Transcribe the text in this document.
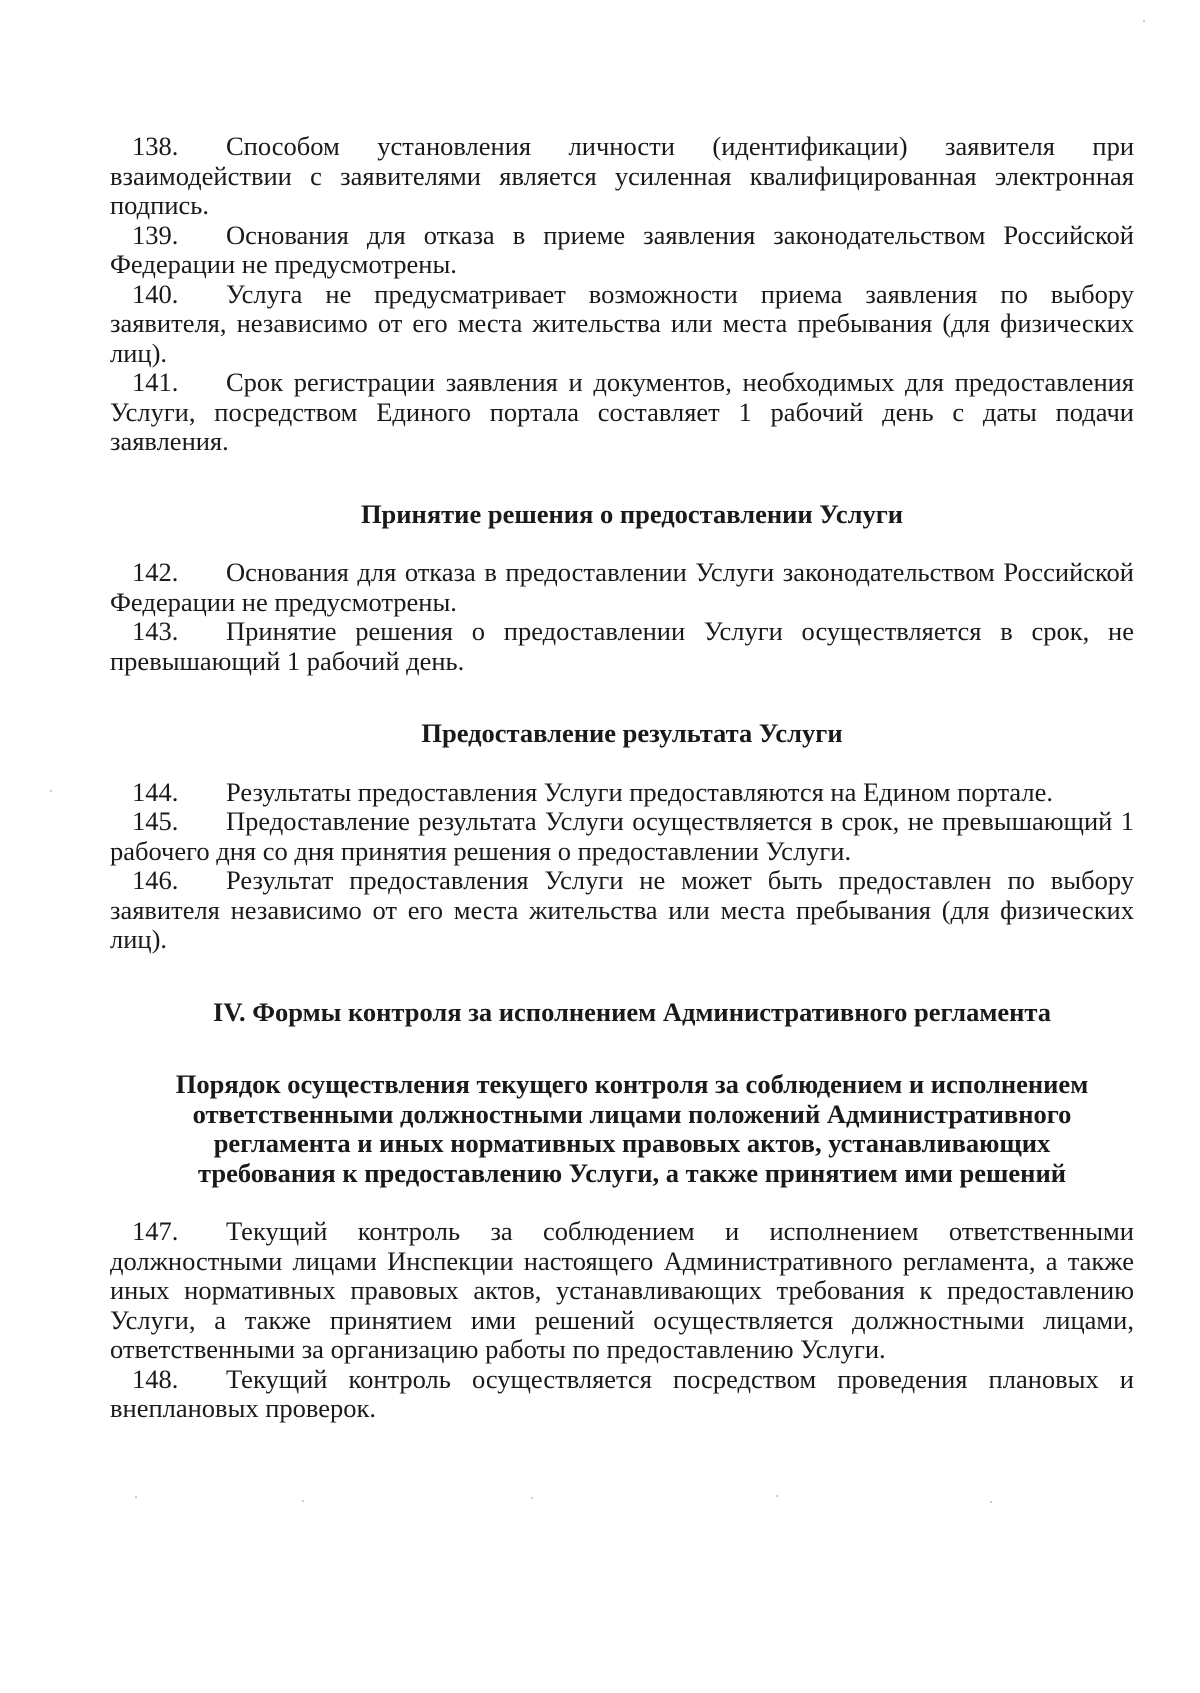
138. Способом установления личности (идентификации) заявителя при взаимодействии с заявителями является усиленная квалифицированная электронная подпись.

139. Основания для отказа в приеме заявления законодательством Российской Федерации не предусмотрены.

140. Услуга не предусматривает возможности приема заявления по выбору заявителя, независимо от его места жительства или места пребывания (для физических лиц).

141. Срок регистрации заявления и документов, необходимых для предоставления Услуги, посредством Единого портала составляет 1 рабочий день с даты подачи заявления.

Принятие решения о предоставлении Услуги

142. Основания для отказа в предоставлении Услуги законодательством Российской Федерации не предусмотрены.

143. Принятие решения о предоставлении Услуги осуществляется в срок, не превышающий 1 рабочий день.

Предоставление результата Услуги

144. Результаты предоставления Услуги предоставляются на Едином портале.

145. Предоставление результата Услуги осуществляется в срок, не превышающий 1 рабочего дня со дня принятия решения о предоставлении Услуги.

146. Результат предоставления Услуги не может быть предоставлен по выбору заявителя независимо от его места жительства или места пребывания (для физических лиц).

IV. Формы контроля за исполнением Административного регламента

Порядок осуществления текущего контроля за соблюдением и исполнением

ответственными должностными лицами положений Административного

регламента и иных нормативных правовых актов, устанавливающих

требования к предоставлению Услуги, а также принятием ими решений

147. Текущий контроль за соблюдением и исполнением ответственными должностными лицами Инспекции настоящего Административного регламента, а также иных нормативных правовых актов, устанавливающих требования к предоставлению Услуги, а также принятием ими решений осуществляется должностными лицами, ответственными за организацию работы по предоставлению Услуги.

148. Текущий контроль осуществляется посредством проведения плановых и внеплановых проверок.
